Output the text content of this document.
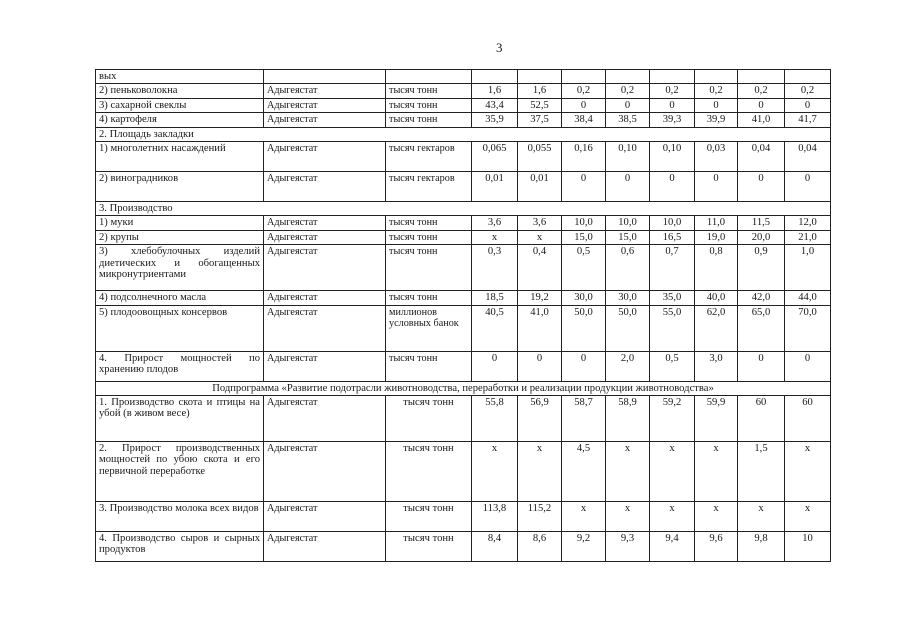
3
вых										
2) пеньковолокна	Адыгеястат	тысяч тонн	1,6	1,6	0,2	0,2	0,2	0,2	0,2	0,2
3) сахарной свеклы	Адыгеястат	тысяч тонн	43,4	52,5	0	0	0	0	0	0
4) картофеля	Адыгеястат	тысяч тонн	35,9	37,5	38,4	38,5	39,3	39,9	41,0	41,7
2. Площадь закладки										
1) многолетних насаждений	Адыгеястат	тысяч гектаров	0,065	0,055	0,16	0,10	0,10	0,03	0,04	0,04
2) виноградников	Адыгеястат	тысяч гектаров	0,01	0,01	0	0	0	0	0	0
3. Производство										
1) муки	Адыгеястат	тысяч тонн	3,6	3,6	10,0	10,0	10,0	11,0	11,5	12,0
2) крупы	Адыгеястат	тысяч тонн	х	х	15,0	15,0	16,5	19,0	20,0	21,0
3) хлебобулочных изделий диетических и обогащенных микронутриентами	Адыгеястат	тысяч тонн	0,3	0,4	0,5	0,6	0,7	0,8	0,9	1,0
4) подсолнечного масла	Адыгеястат	тысяч тонн	18,5	19,2	30,0	30,0	35,0	40,0	42,0	44,0
5) плодоовощных консервов	Адыгеястат	миллионов условных банок	40,5	41,0	50,0	50,0	55,0	62,0	65,0	70,0
4. Прирост мощностей по хранению плодов	Адыгеястат	тысяч тонн	0	0	0	2,0	0,5	3,0	0	0
Подпрограмма «Развитие подотрасли животноводства, переработки и реализации продукции животноводства»										
1. Производство скота и птицы на убой (в живом весе)	Адыгеястат	тысяч тонн	55,8	56,9	58,7	58,9	59,2	59,9	60	60
2. Прирост производственных мощностей по убою скота и его первичной переработке	Адыгеястат	тысяч тонн	х	х	4,5	х	х	х	1,5	х
3. Производство молока всех видов	Адыгеястат	тысяч тонн	113,8	115,2	х	х	х	х	х	х
4. Производство сыров и сырных продуктов	Адыгеястат	тысяч тонн	8,4	8,6	9,2	9,3	9,4	9,6	9,8	10
